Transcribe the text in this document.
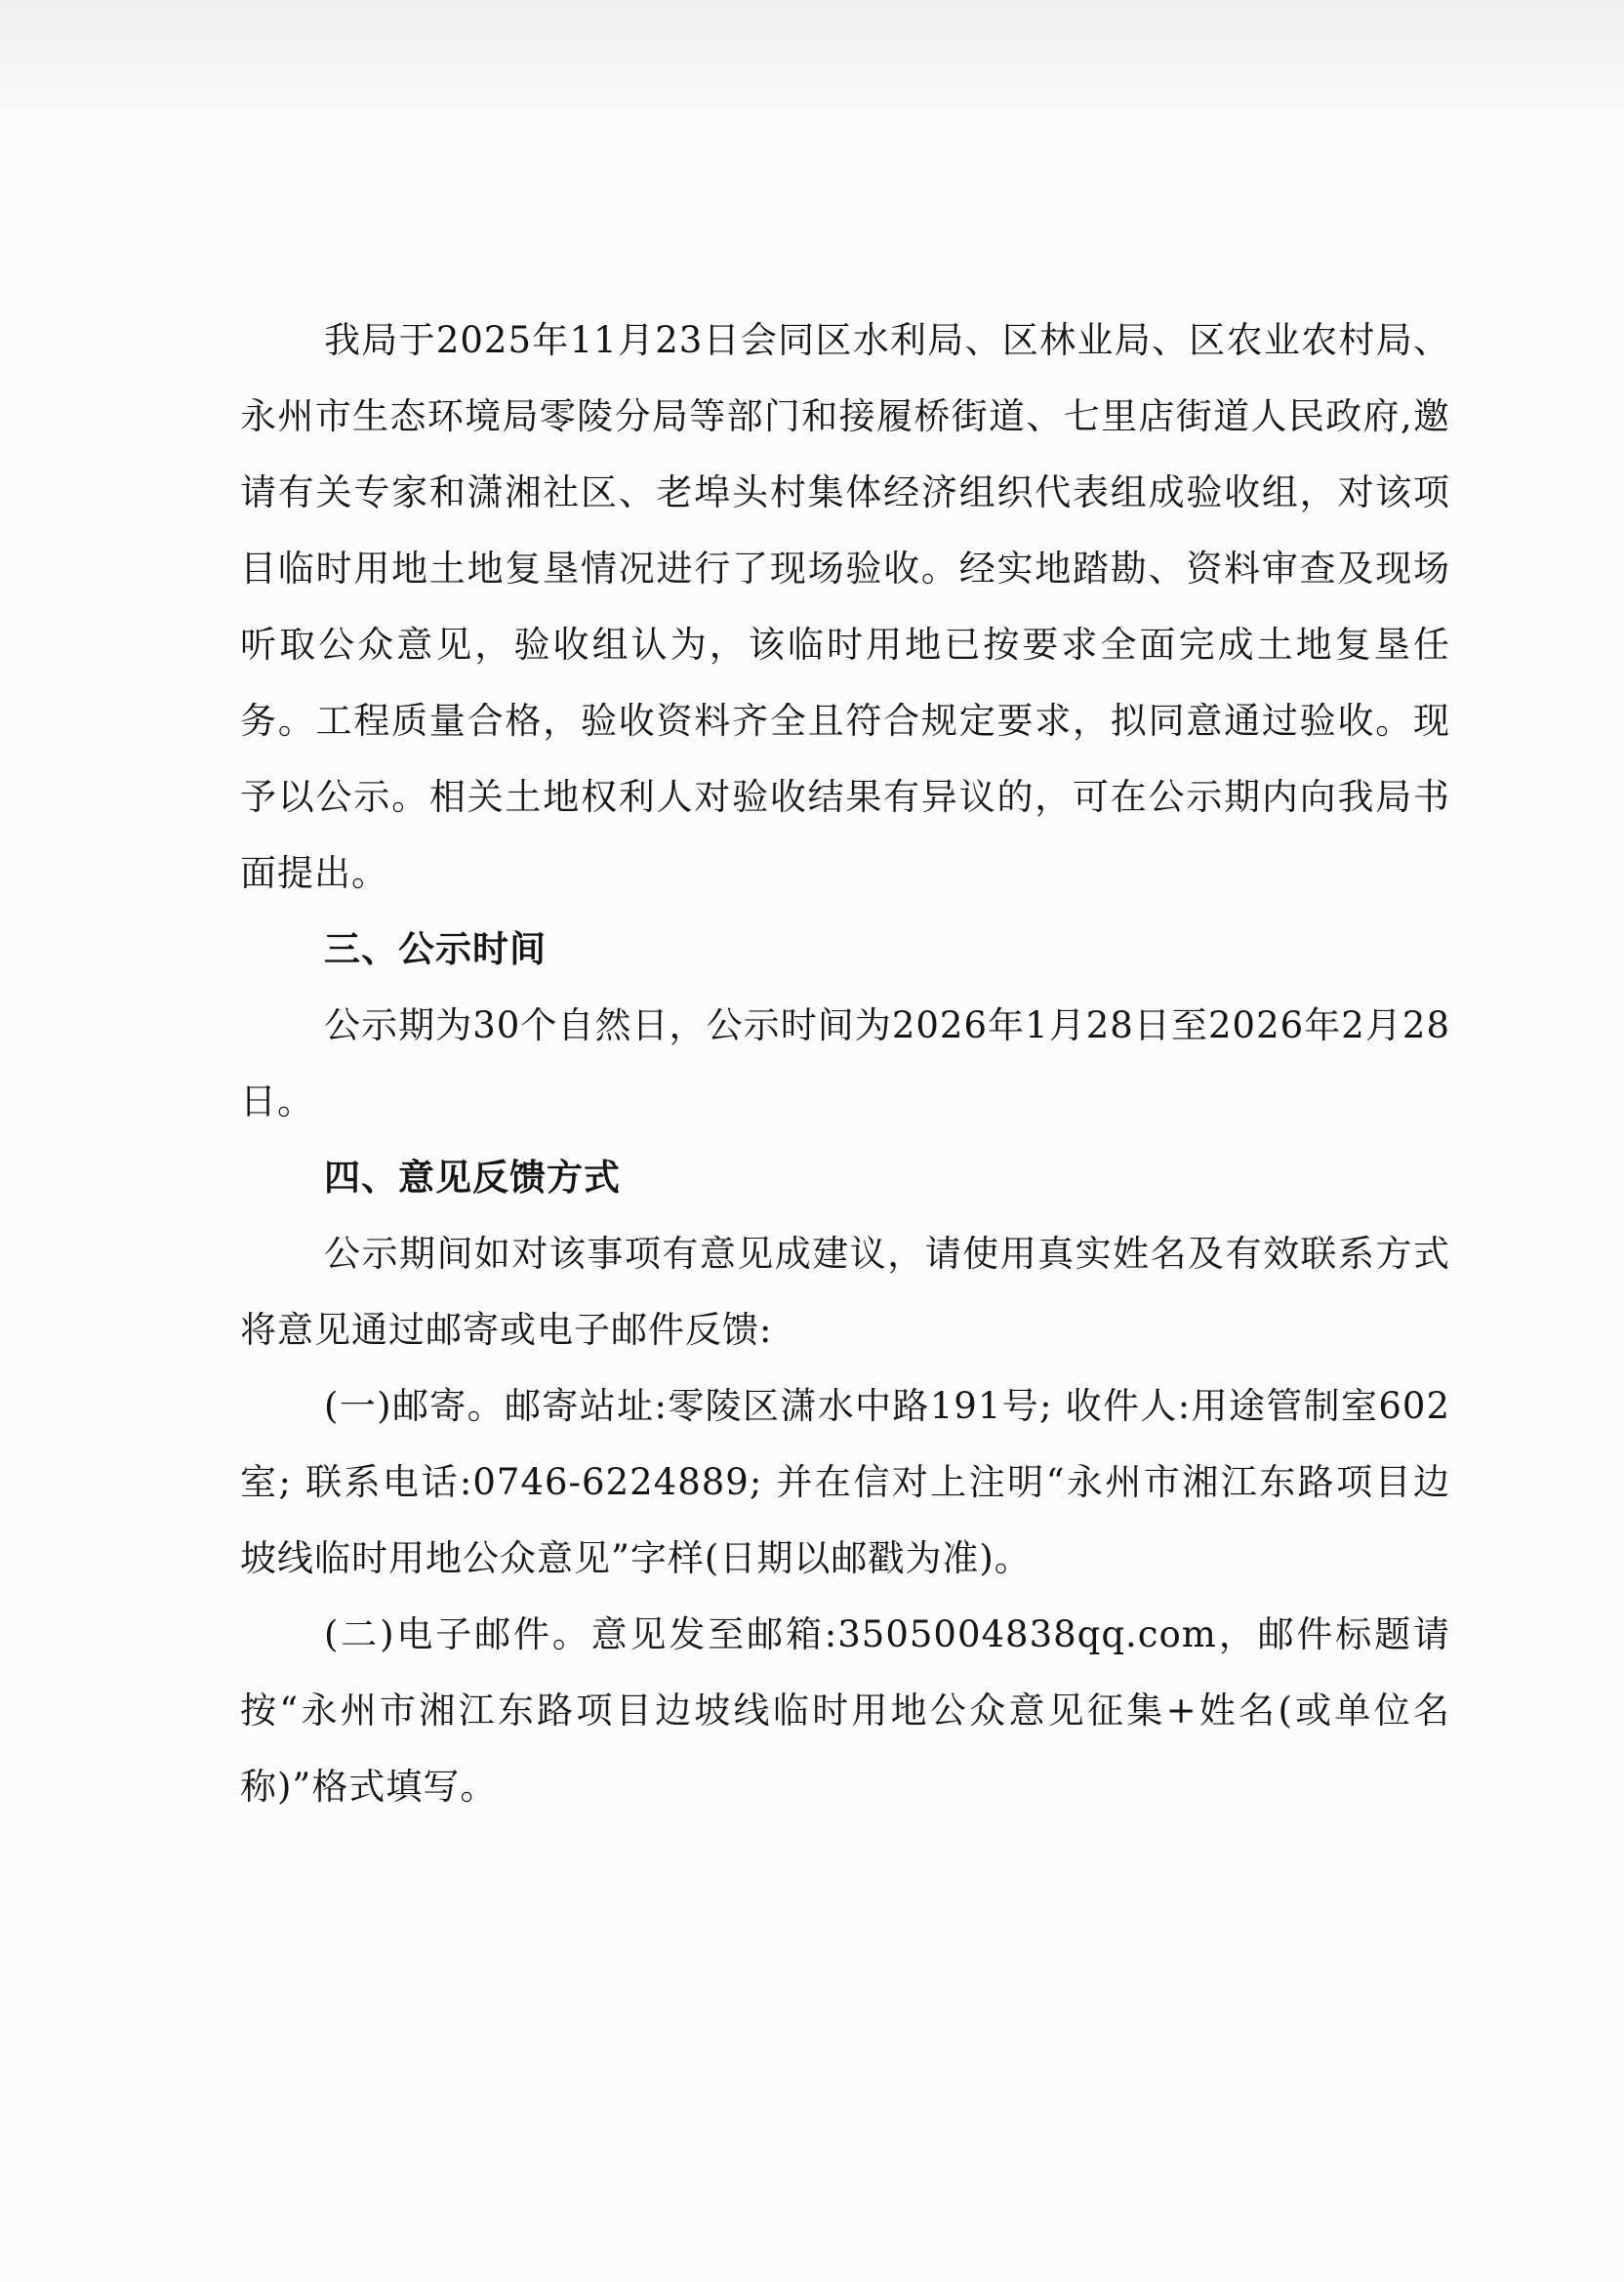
我局于2025年11月23日会同区水利局、区林业局、区农业农村局、永州市生态环境局零陵分局等部门和接履桥街道、七里店街道人民政府,邀请有关专家和潇湘社区、老埠头村集体经济组织代表组成验收组，对该项目临时用地土地复垦情况进行了现场验收。经实地踏勘、资料审查及现场听取公众意见，验收组认为，该临时用地已按要求全面完成土地复垦任务。工程质量合格，验收资料齐全且符合规定要求，拟同意通过验收。现予以公示。相关土地权利人对验收结果有异议的，可在公示期内向我局书面提出。

三、公示时间

公示期为30个自然日，公示时间为2026年1月28日至2026年2月28日。

四、意见反馈方式

公示期间如对该事项有意见成建议，请使用真实姓名及有效联系方式将意见通过邮寄或电子邮件反馈:

(一)邮寄。邮寄站址:零陵区潇水中路191号; 收件人:用途管制室602室; 联系电话:0746-6224889; 并在信对上注明“永州市湘江东路项目边坡线临时用地公众意见”字样(日期以邮戳为准)。

(二)电子邮件。意见发至邮箱:3505004838qq.com，邮件标题请按“永州市湘江东路项目边坡线临时用地公众意见征集+姓名(或单位名称)”格式填写。
